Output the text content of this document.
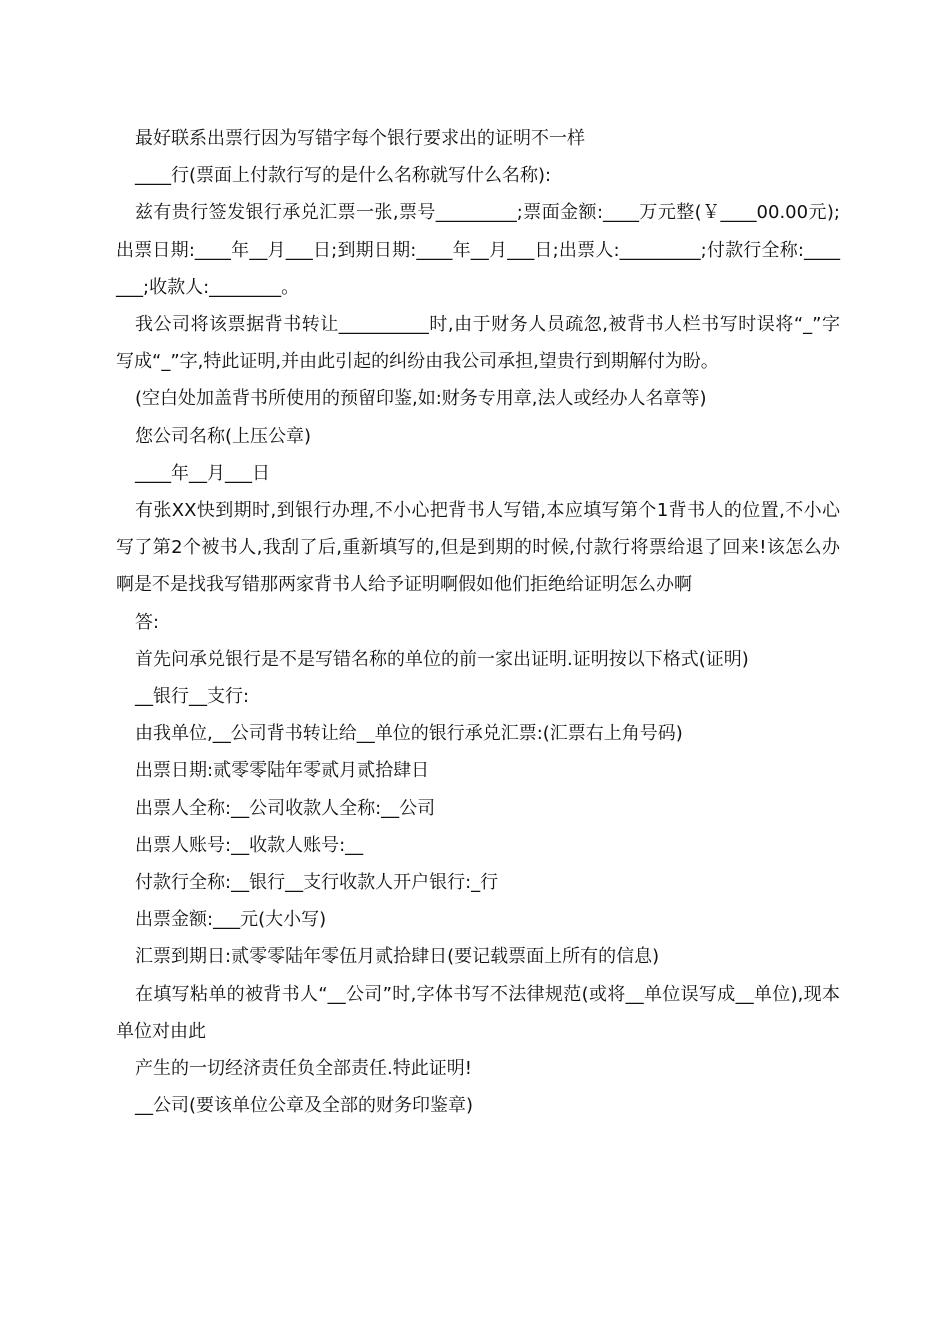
最好联系出票行因为写错字每个银行要求出的证明不一样

____行(票面上付款行写的是什么名称就写什么名称):

兹有贵行签发银行承兑汇票一张,票号_________;票面金额:____万元整(￥____00.00元);出票日期:____年__月___日;到期日期:____年__月___日;出票人:_________;付款行全称:_______;收款人:________。

我公司将该票据背书转让__________时,由于财务人员疏忽,被背书人栏书写时误将“_”字写成“_”字,特此证明,并由此引起的纠纷由我公司承担,望贵行到期解付为盼。

(空白处加盖背书所使用的预留印鉴,如:财务专用章,法人或经办人名章等)

您公司名称(上压公章)

____年__月___日

有张XX快到期时,到银行办理,不小心把背书人写错,本应填写第个1背书人的位置,不小心写了第2个被书人,我刮了后,重新填写的,但是到期的时候,付款行将票给退了回来!该怎么办啊是不是找我写错那两家背书人给予证明啊假如他们拒绝给证明怎么办啊

答:

首先问承兑银行是不是写错名称的单位的前一家出证明.证明按以下格式(证明)

__银行__支行:

由我单位,__公司背书转让给__单位的银行承兑汇票:(汇票右上角号码)

出票日期:贰零零陆年零贰月贰拾肆日

出票人全称:__公司收款人全称:__公司

出票人账号:__收款人账号:__

付款行全称:__银行__支行收款人开户银行:_行

出票金额:___元(大小写)

汇票到期日:贰零零陆年零伍月贰拾肆日(要记载票面上所有的信息)

在填写粘单的被背书人“__公司”时,字体书写不法律规范(或将__单位误写成__单位),现本单位对由此

产生的一切经济责任负全部责任.特此证明!

__公司(要该单位公章及全部的财务印鉴章)
